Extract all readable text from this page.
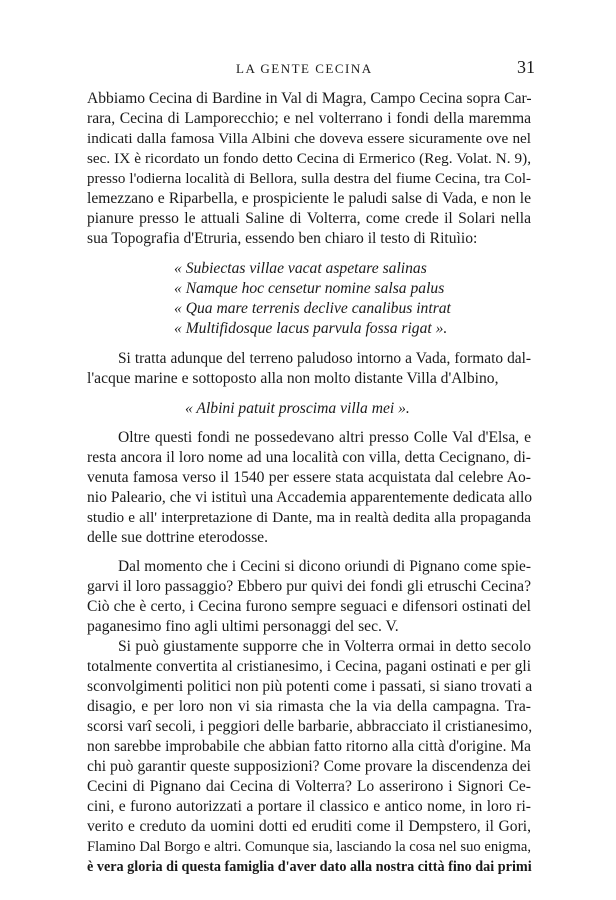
LA GENTE CECINA	31
Abbiamo Cecina di Bardine in Val di Magra, Campo Cecina sopra Car-
rara, Cecina di Lamporecchio; e nel volterrano i fondi della maremma
indicati dalla famosa Villa Albini che doveva essere sicuramente ove nel
sec. IX è ricordato un fondo detto Cecina di Ermerico (Reg. Volat. N. 9),
presso l'odierna località di Bellora, sulla destra del fiume Cecina, tra Col-
lemezzano e Riparbella, e prospiciente le paludi salse di Vada, e non le
pianure presso le attuali Saline di Volterra, come crede il Solari nella
sua Topografia d'Etruria, essendo ben chiaro il testo di Rituìio:
« Subiectas villae vacat aspetare salinas
« Namque hoc censetur nomine salsa palus
« Qua mare terrenis declive canalibus intrat
« Multifidosque lacus parvula fossa rigat ».
Si tratta adunque del terreno paludoso intorno a Vada, formato dal-
l'acque marine e sottoposto alla non molto distante Villa d'Albino,
« Albini patuit proscima villa mei ».
Oltre questi fondi ne possedevano altri presso Colle Val d'Elsa, e
resta ancora il loro nome ad una località con villa, detta Cecignano, di-
venuta famosa verso il 1540 per essere stata acquistata dal celebre Ao-
nio Paleario, che vi istituì una Accademia apparentemente dedicata allo
studio e all' interpretazione di Dante, ma in realtà dedita alla propaganda
delle sue dottrine eterodosse.
Dal momento che i Cecini si dicono oriundi di Pignano come spie-
garvi il loro passaggio? Ebbero pur quivi dei fondi gli etruschi Cecina?
Ciò che è certo, i Cecina furono sempre seguaci e difensori ostinati del
paganesimo fino agli ultimi personaggi del sec. V.
Si può giustamente supporre che in Volterra ormai in detto secolo
totalmente convertita al cristianesimo, i Cecina, pagani ostinati e per gli
sconvolgimenti politici non più potenti come i passati, si siano trovati a
disagio, e per loro non vi sia rimasta che la via della campagna. Tra-
scorsi varî secoli, i peggiori delle barbarie, abbracciato il cristianesimo,
non sarebbe improbabile che abbian fatto ritorno alla città d'origine. Ma
chi può garantir queste supposizioni? Come provare la discendenza dei
Cecini di Pignano dai Cecina di Volterra? Lo asserirono i Signori Ce-
cini, e furono autorizzati a portare il classico e antico nome, in loro ri-
verito e creduto da uomini dotti ed eruditi come il Dempstero, il Gori,
Flamino Dal Borgo e altri. Comunque sia, lasciando la cosa nel suo enigma,
è vera gloria di questa famiglia d'aver dato alla nostra città fino dai primi
